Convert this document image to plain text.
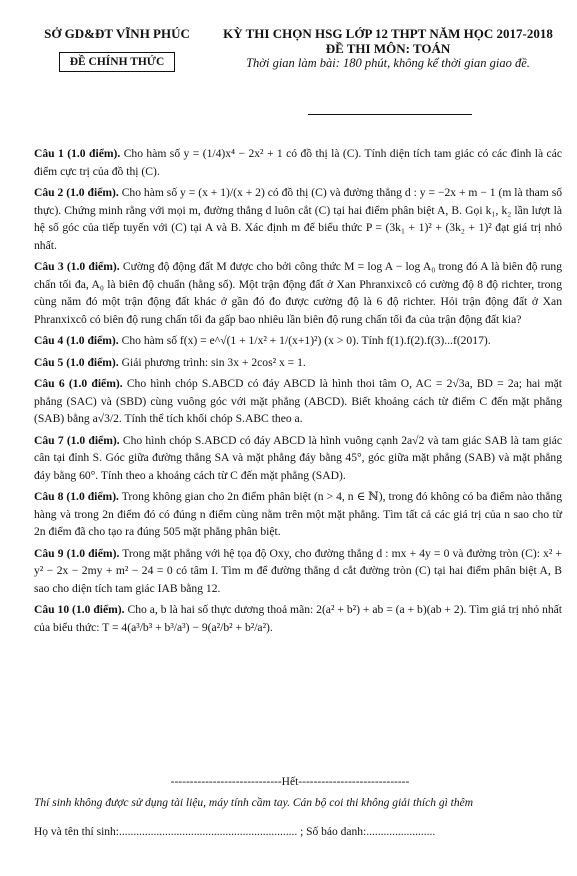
SỞ GD&ĐT VĨNH PHÚC
ĐỀ CHÍNH THỨC
KỲ THI CHỌN HSG LỚP 12 THPT NĂM HỌC 2017-2018
ĐỀ THI MÔN: TOÁN
Thời gian làm bài: 180 phút, không kể thời gian giao đề.

Câu 1 (1.0 điểm). Cho hàm số y = (1/4)x⁴ − 2x² + 1 có đồ thị là (C). Tính diện tích tam giác có các đỉnh là các điểm cực trị của đồ thị (C).

Câu 2 (1.0 điểm). Cho hàm số y = (x + 1)/(x + 2) có đồ thị (C) và đường thẳng d : y = −2x + m − 1 (m là tham số thực). Chứng minh rằng với mọi m, đường thẳng d luôn cắt (C) tại hai điểm phân biệt A, B. Gọi k₁, k₂ lần lượt là hệ số góc của tiếp tuyến với (C) tại A và B. Xác định m để biểu thức P = (3k₁ + 1)² + (3k₂ + 1)² đạt giá trị nhỏ nhất.

Câu 3 (1.0 điểm). Cường độ động đất M được cho bởi công thức M = log A − log A₀ trong đó A là biên độ rung chấn tối đa, A₀ là biên độ chuẩn (hằng số). Một trận động đất ở Xan Phranxixcô có cường độ 8 độ richter, trong cùng năm đó một trận động đất khác ở gần đó đo được cường độ là 6 độ richter. Hỏi trận động đất ở Xan Phranxixcô có biên độ rung chấn tối đa gấp bao nhiêu lần biên độ rung chấn tối đa của trận động đất kia?

Câu 4 (1.0 điểm). Cho hàm số f(x) = e^√(1 + 1/x² + 1/(x+1)²) (x > 0). Tính f(1).f(2).f(3)...f(2017).

Câu 5 (1.0 điểm). Giải phương trình: sin 3x + 2cos² x = 1.

Câu 6 (1.0 điểm). Cho hình chóp S.ABCD có đáy ABCD là hình thoi tâm O, AC = 2√3a, BD = 2a; hai mặt phẳng (SAC) và (SBD) cùng vuông góc với mặt phẳng (ABCD). Biết khoảng cách từ điểm C đến mặt phẳng (SAB) bằng a√3/2. Tính thể tích khối chóp S.ABC theo a.

Câu 7 (1.0 điểm). Cho hình chóp S.ABCD có đáy ABCD là hình vuông cạnh 2a√2 và tam giác SAB là tam giác cân tại đỉnh S. Góc giữa đường thẳng SA và mặt phẳng đáy bằng 45°, góc giữa mặt phẳng (SAB) và mặt phẳng đáy bằng 60°. Tính theo a khoảng cách từ C đến mặt phẳng (SAD).

Câu 8 (1.0 điểm). Trong không gian cho 2n điểm phân biệt (n > 4, n ∈ ℕ), trong đó không có ba điểm nào thẳng hàng và trong 2n điểm đó có đúng n điểm cùng nằm trên một mặt phẳng. Tìm tất cả các giá trị của n sao cho từ 2n điểm đã cho tạo ra đúng 505 mặt phẳng phân biệt.

Câu 9 (1.0 điểm). Trong mặt phẳng với hệ tọa độ Oxy, cho đường thẳng d : mx + 4y = 0 và đường tròn (C): x² + y² − 2x − 2my + m² − 24 = 0 có tâm I. Tìm m để đường thẳng d cắt đường tròn (C) tại hai điểm phân biệt A, B sao cho diện tích tam giác IAB bằng 12.

Câu 10 (1.0 điểm). Cho a, b là hai số thực dương thoả mãn: 2(a² + b²) + ab = (a + b)(ab + 2). Tìm giá trị nhỏ nhất của biểu thức: T = 4(a³/b³ + b³/a³) − 9(a²/b² + b²/a²).

-----------------------------Hết-----------------------------
Thí sinh không được sử dụng tài liệu, máy tính cầm tay. Cán bộ coi thi không giải thích gì thêm
Họ và tên thí sinh:.............................................................. ; Số báo danh:........................
